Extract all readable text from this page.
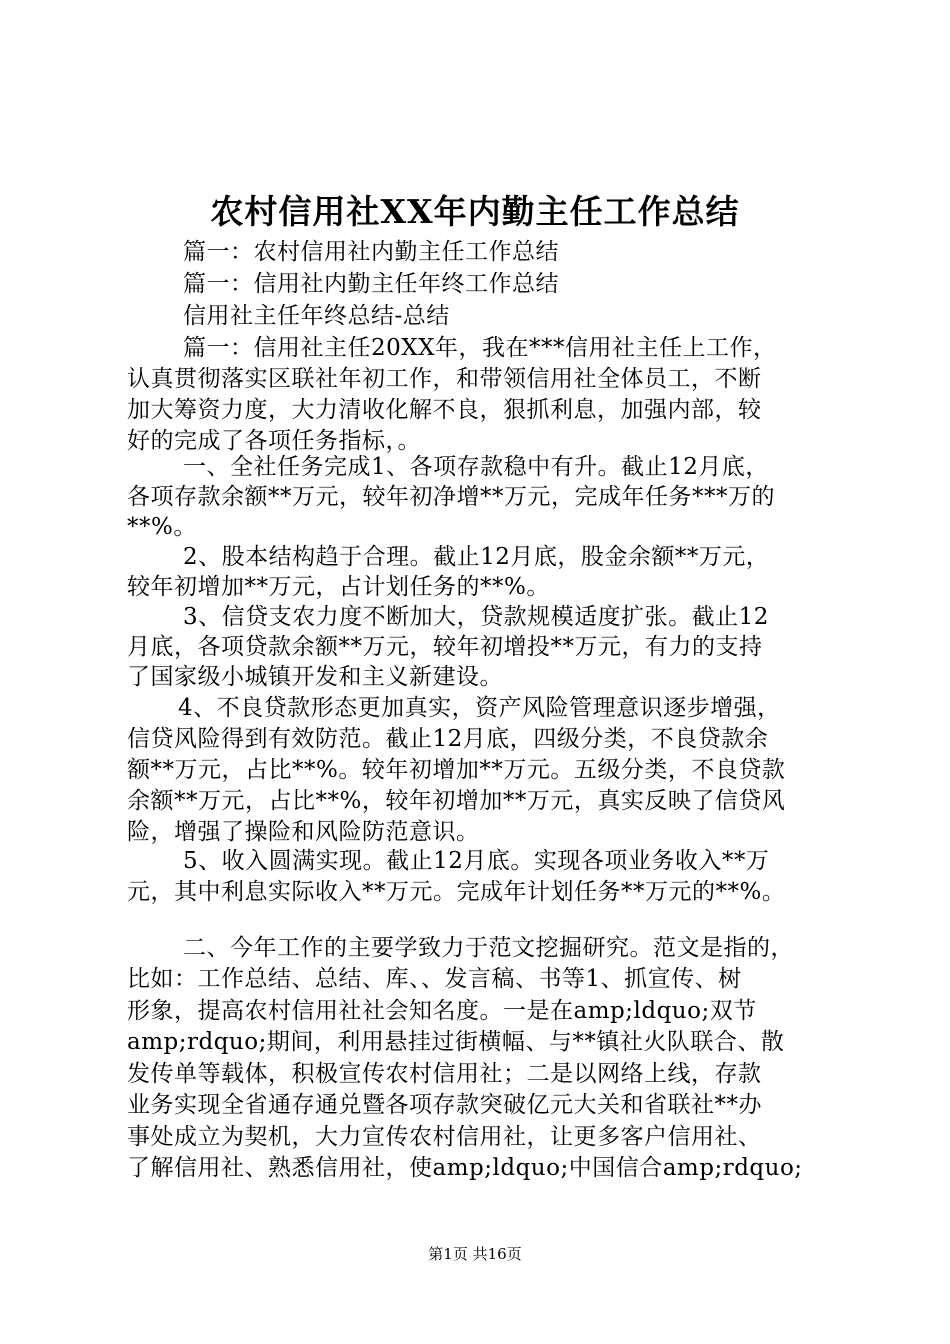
农村信用社XX年内勤主任工作总结
篇一：农村信用社内勤主任工作总结
篇一：信用社内勤主任年终工作总结
信用社主任年终总结-总结
篇一：信用社主任20XX年，我在***信用社主任上工作，
认真贯彻落实区联社年初工作，和带领信用社全体员工，不断
加大筹资力度，大力清收化解不良，狠抓利息，加强内部，较
好的完成了各项任务指标，。
一、全社任务完成1、各项存款稳中有升。截止12月底，
各项存款余额**万元，较年初净增**万元，完成年任务***万的
**%。
2、股本结构趋于合理。截止12月底，股金余额**万元，
较年初增加**万元，占计划任务的**%。
3、信贷支农力度不断加大，贷款规模适度扩张。截止12
月底，各项贷款余额**万元，较年初增投**万元，有力的支持
了国家级小城镇开发和主义新建设。
4、不良贷款形态更加真实，资产风险管理意识逐步增强，
信贷风险得到有效防范。截止12月底，四级分类，不良贷款余
额**万元，占比**%。较年初增加**万元。五级分类，不良贷款
余额**万元，占比**%，较年初增加**万元，真实反映了信贷风
险，增强了操险和风险防范意识。
5、收入圆满实现。截止12月底。实现各项业务收入**万
元，其中利息实际收入**万元。完成年计划任务**万元的**%。
二、今年工作的主要学致力于范文挖掘研究。范文是指的，
比如：工作总结、总结、库、、发言稿、书等1、抓宣传、树
形象，提高农村信用社社会知名度。一是在amp;ldquo;双节
amp;rdquo;期间，利用悬挂过街横幅、与**镇社火队联合、散
发传单等载体，积极宣传农村信用社；二是以网络上线，存款
业务实现全省通存通兑暨各项存款突破亿元大关和省联社**办
事处成立为契机，大力宣传农村信用社，让更多客户信用社、
了解信用社、熟悉信用社，使amp;ldquo;中国信合amp;rdquo;
第1页 共16页
